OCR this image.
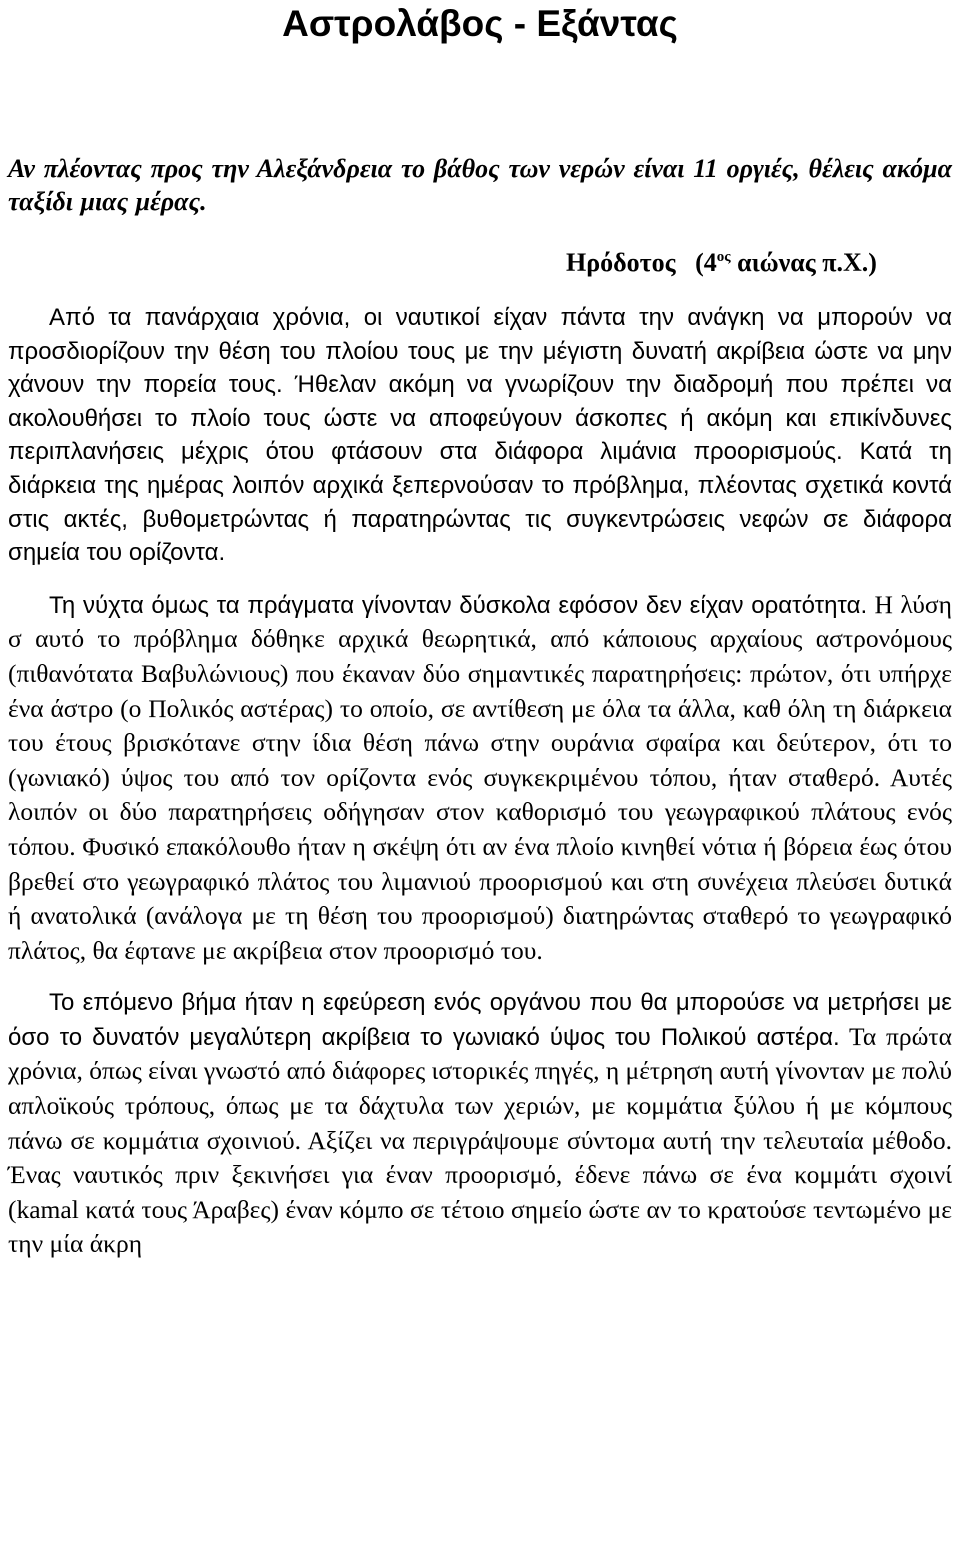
Αστρολάβος - Εξάντας

Αν πλέοντας προς την Αλεξάνδρεια το βάθος των νερών είναι 11 οργιές, θέλεις ακόμα ταξίδι μιας μέρας.

Ηρόδοτος ($4^{o\varsigma}$ αιώνας π.Χ.)

Από τα πανάρχαια χρόνια, οι ναυτικοί είχαν πάντα την ανάγκη να μπορούν να προσδιορίζουν την θέση του πλοίου τους με την μέγιστη δυνατή ακρίβεια ώστε να μην χάνουν την πορεία τους. Ήθελαν ακόμη να γνωρίζουν την διαδρομή που πρέπει να ακολουθήσει το πλοίο τους ώστε να αποφεύγουν άσκοπες ή ακόμη και επικίνδυνες περιπλανήσεις μέχρις ότου φτάσουν στα διάφορα λιμάνια προορισμούς. Κατά τη διάρκεια της ημέρας λοιπόν αρχικά ξεπερνούσαν το πρόβλημα, πλέοντας σχετικά κοντά στις ακτές, βυθομετρώντας ή παρατηρώντας τις συγκεντρώσεις νεφών σε διάφορα σημεία του ορίζοντα.

Τη νύχτα όμως τα πράγματα γίνονταν δύσκολα εφόσον δεν είχαν ορατότητα. Η λύση σ αυτό το πρόβλημα δόθηκε αρχικά θεωρητικά, από κάποιους αρχαίους αστρονόμους (πιθανότατα Βαβυλώνιους) που έκαναν δύο σημαντικές παρατηρήσεις: πρώτον, ότι υπήρχε ένα άστρο (ο Πολικός αστέρας) το οποίο, σε αντίθεση με όλα τα άλλα, καθ όλη τη διάρκεια του έτους βρισκότανε στην ίδια θέση πάνω στην ουράνια σφαίρα και δεύτερον, ότι το (γωνιακό) ύψος του από τον ορίζοντα ενός συγκεκριμένου τόπου, ήταν σταθερό. Αυτές λοιπόν οι δύο παρατηρήσεις οδήγησαν στον καθορισμό του γεωγραφικού πλάτους ενός τόπου. Φυσικό επακόλουθο ήταν η σκέψη ότι αν ένα πλοίο κινηθεί νότια ή βόρεια έως ότου βρεθεί στο γεωγραφικό πλάτος του λιμανιού προορισμού και στη συνέχεια πλεύσει δυτικά ή ανατολικά (ανάλογα με τη θέση του προορισμού) διατηρώντας σταθερό το γεωγραφικό πλάτος, θα έφτανε με ακρίβεια στον προορισμό του.

Το επόμενο βήμα ήταν η εφεύρεση ενός οργάνου που θα μπορούσε να μετρήσει με όσο το δυνατόν μεγαλύτερη ακρίβεια το γωνιακό ύψος του Πολικού αστέρα. Τα πρώτα χρόνια, όπως είναι γνωστό από διάφορες ιστορικές πηγές, η μέτρηση αυτή γίνονταν με πολύ απλοϊκούς τρόπους, όπως με τα δάχτυλα των χεριών, με κομμάτια ξύλου ή με κόμπους πάνω σε κομμάτια σχοινιού. Αξίζει να περιγράψουμε σύντομα αυτή την τελευταία μέθοδο. Ένας ναυτικός πριν ξεκινήσει για έναν προορισμό, έδενε πάνω σε ένα κομμάτι σχοινί (kamal κατά τους Άραβες) έναν κόμπο σε τέτοιο σημείο ώστε αν το κρατούσε τεντωμένο με την μία άκρη
